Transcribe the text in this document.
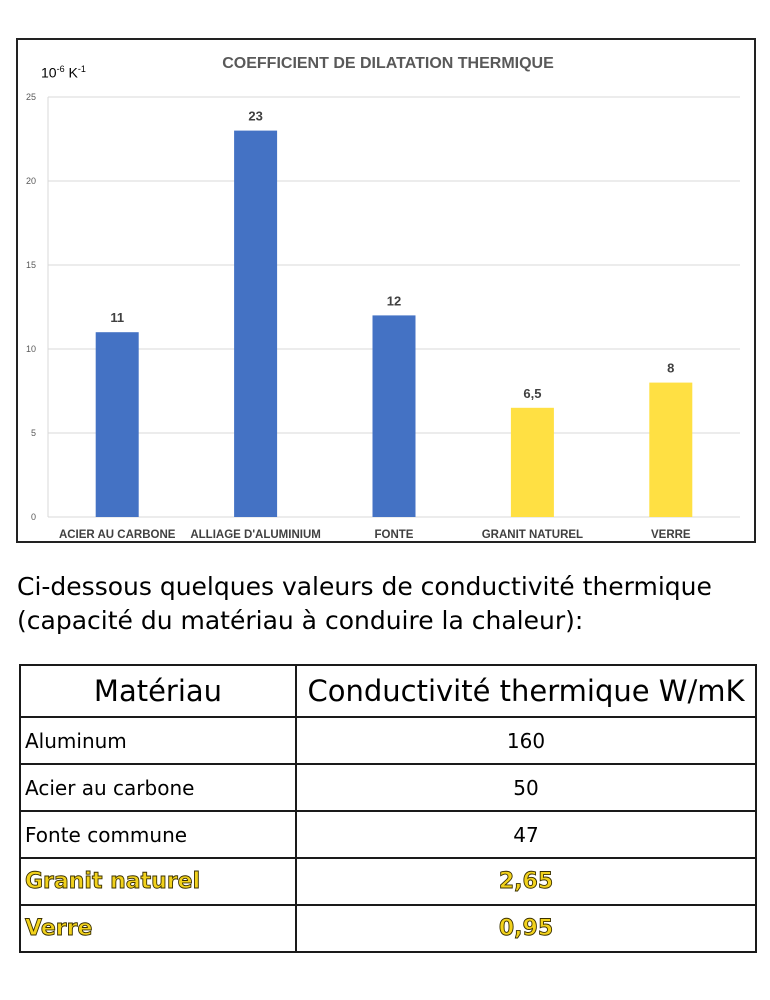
COEFFICIENT DE DILATATION THERMIQUE
0
5
10
15
20
25
11
23
12
6,5
8
ACIER AU CARBONE ALLIAGE D'ALUMINIUM	FONTE	GRANIT NATUREL	VERRE
$10^{-6}$ $K^{-1}$
Ci-dessous quelques valeurs de conductivité thermique
(capacité du matériau à conduire la chaleur):
Matériau	Conductivité thermique W/mK
Aluminum	160
Acier au carbone	50
Fonte commune	47
Granit naturel	2,65
Verre	0,95
